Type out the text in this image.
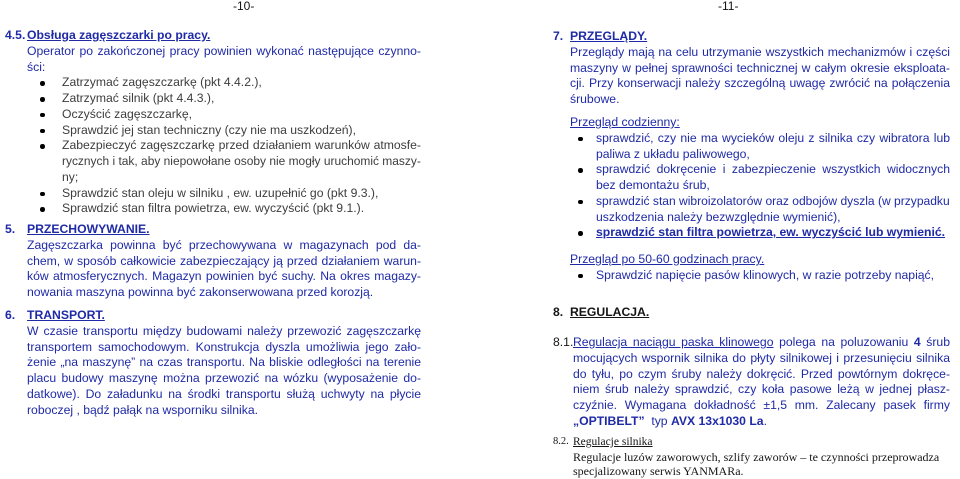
-10-
4.5. Obsługa zagęszczarki po pracy.
Operator po zakończonej pracy powinien wykonać następujące czynno-
ści:
Zatrzymać zagęszczarkę (pkt 4.4.2.),
Zatrzymać silnik (pkt 4.4.3.),
Oczyścić zagęszczarkę,
Sprawdzić jej stan techniczny (czy nie ma uszkodzeń),
Zabezpieczyć zagęszczarkę przed działaniem warunków atmosfe-
rycznych i tak, aby niepowołane osoby nie mogły uruchomić maszy-
ny;
Sprawdzić stan oleju w silniku , ew. uzupełnić go (pkt 9.3.),
Sprawdzić stan filtra powietrza, ew. wyczyścić (pkt 9.1.).
5. PRZECHOWYWANIE.
Zagęszczarka powinna być przechowywana w magazynach pod da-
chem, w sposób całkowicie zabezpieczający ją przed działaniem warun-
ków atmosferycznych. Magazyn powinien być suchy. Na okres magazy-
nowania maszyna powinna być zakonserwowana przed korozją.
6. TRANSPORT.
W czasie transportu między budowami należy przewozić zagęszczarkę
transportem samochodowym. Konstrukcja dyszla umożliwia jego zało-
żenie „na maszynę” na czas transportu. Na bliskie odległości na terenie
placu budowy maszynę można przewozić na wózku (wyposażenie do-
datkowe). Do załadunku na środki transportu służą uchwyty na płycie
roboczej , bądź pałąk na wsporniku silnika.
-11-
7. PRZEGLĄDY.
Przeglądy mają na celu utrzymanie wszystkich mechanizmów i części
maszyny w pełnej sprawności technicznej w całym okresie eksploata-
cji. Przy konserwacji należy szczególną uwagę zwrócić na połączenia
śrubowe.
Przegląd codzienny:
sprawdzić, czy nie ma wycieków oleju z silnika czy wibratora lub
paliwa z układu paliwowego,
sprawdzić dokręcenie i zabezpieczenie wszystkich widocznych
bez demontażu śrub,
sprawdzić stan wibroizolatorów oraz odbojów dyszla (w przypadku
uszkodzenia należy bezwzględnie wymienić),
sprawdzić stan filtra powietrza, ew. wyczyścić lub wymienić.
Przegląd po 50-60 godzinach pracy.
Sprawdzić napięcie pasów klinowych, w razie potrzeby napiąć,
8. REGULACJA.
8.1. Regulacja naciągu paska klinowego polega na poluzowaniu 4 śrub
mocujących wspornik silnika do płyty silnikowej i przesunięciu silnika
do tyłu, po czym śruby należy dokręcić. Przed powtórnym dokręce-
niem śrub należy sprawdzić, czy koła pasowe leżą w jednej płasz-
czyźnie. Wymagana dokładność ±1,5 mm. Zalecany pasek firmy
„OPTIBELT”  typ AVX 13x1030 La.
8.2. Regulacje silnika
Regulacje luzów zaworowych, szlify zaworów – te czynności przeprowadza
specjalizowany serwis YANMARa.
